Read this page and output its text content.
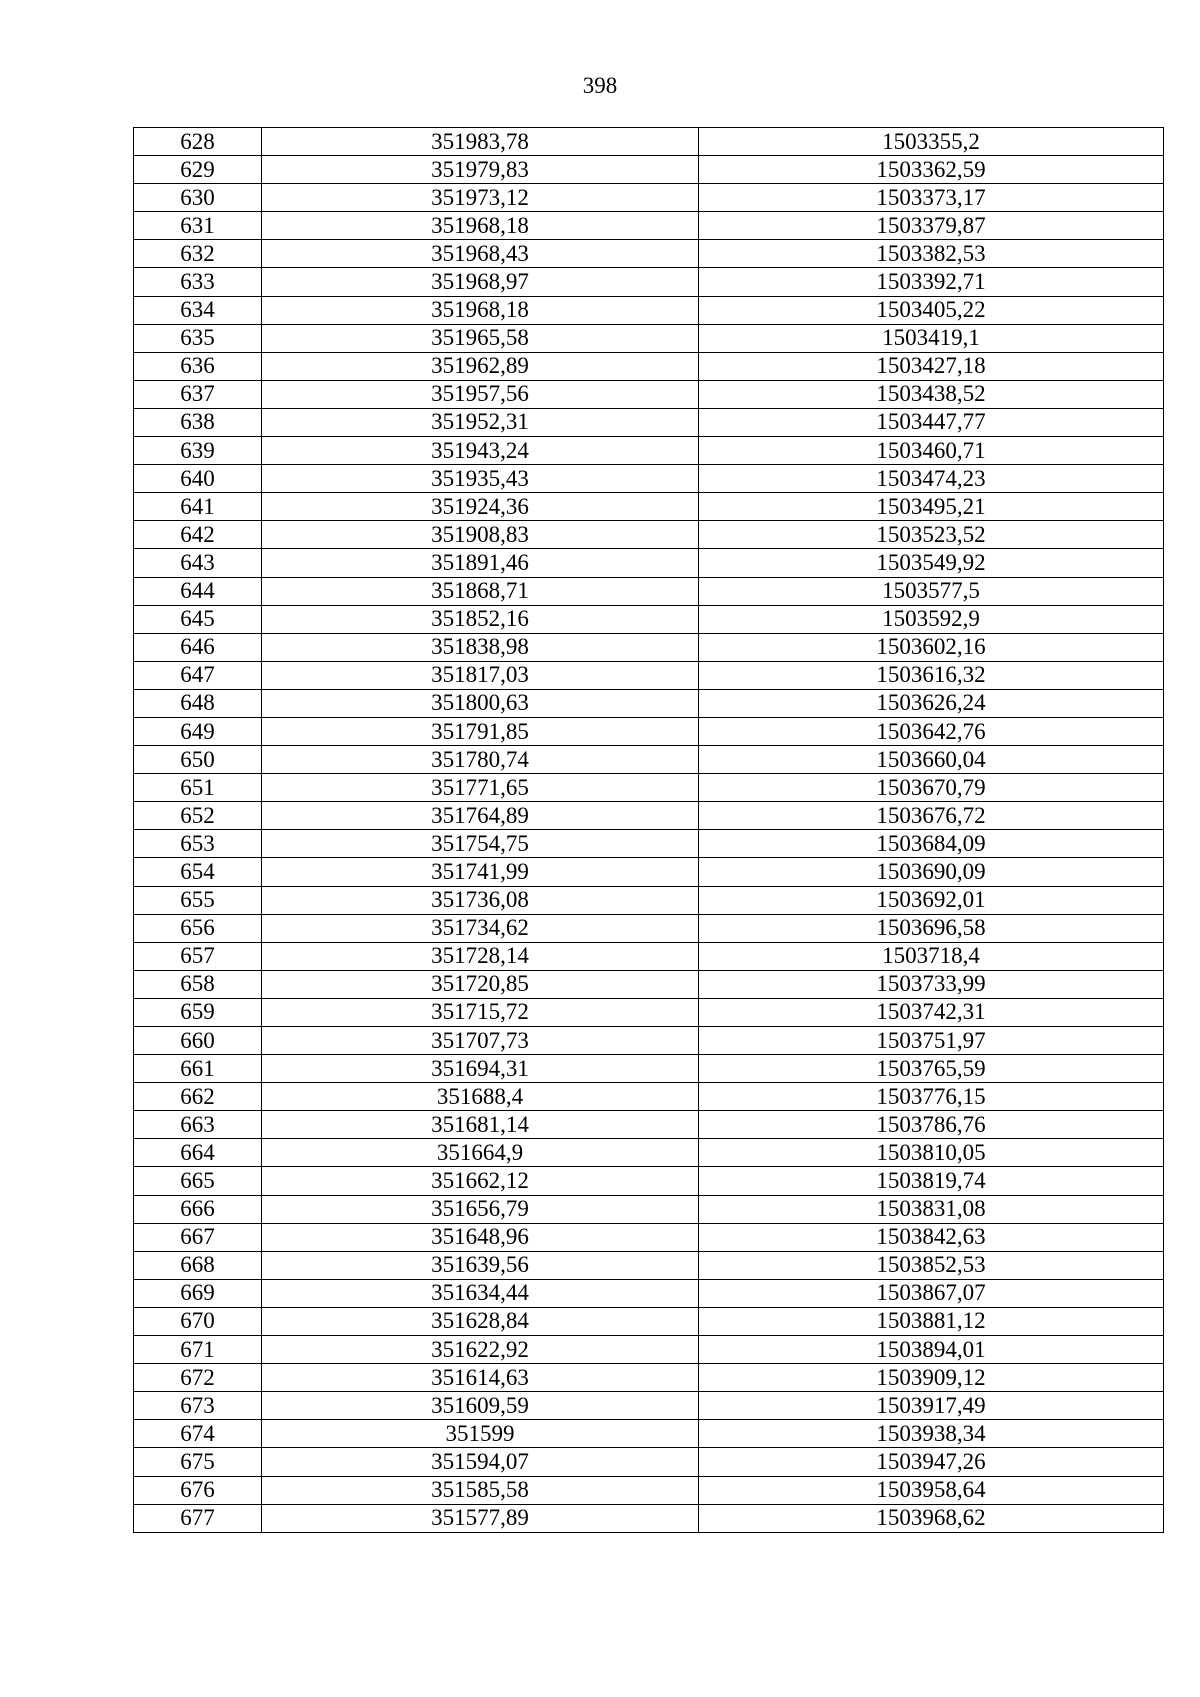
398
628	351983,78	1503355,2
629	351979,83	1503362,59
630	351973,12	1503373,17
631	351968,18	1503379,87
632	351968,43	1503382,53
633	351968,97	1503392,71
634	351968,18	1503405,22
635	351965,58	1503419,1
636	351962,89	1503427,18
637	351957,56	1503438,52
638	351952,31	1503447,77
639	351943,24	1503460,71
640	351935,43	1503474,23
641	351924,36	1503495,21
642	351908,83	1503523,52
643	351891,46	1503549,92
644	351868,71	1503577,5
645	351852,16	1503592,9
646	351838,98	1503602,16
647	351817,03	1503616,32
648	351800,63	1503626,24
649	351791,85	1503642,76
650	351780,74	1503660,04
651	351771,65	1503670,79
652	351764,89	1503676,72
653	351754,75	1503684,09
654	351741,99	1503690,09
655	351736,08	1503692,01
656	351734,62	1503696,58
657	351728,14	1503718,4
658	351720,85	1503733,99
659	351715,72	1503742,31
660	351707,73	1503751,97
661	351694,31	1503765,59
662	351688,4	1503776,15
663	351681,14	1503786,76
664	351664,9	1503810,05
665	351662,12	1503819,74
666	351656,79	1503831,08
667	351648,96	1503842,63
668	351639,56	1503852,53
669	351634,44	1503867,07
670	351628,84	1503881,12
671	351622,92	1503894,01
672	351614,63	1503909,12
673	351609,59	1503917,49
674	351599	1503938,34
675	351594,07	1503947,26
676	351585,58	1503958,64
677	351577,89	1503968,62
